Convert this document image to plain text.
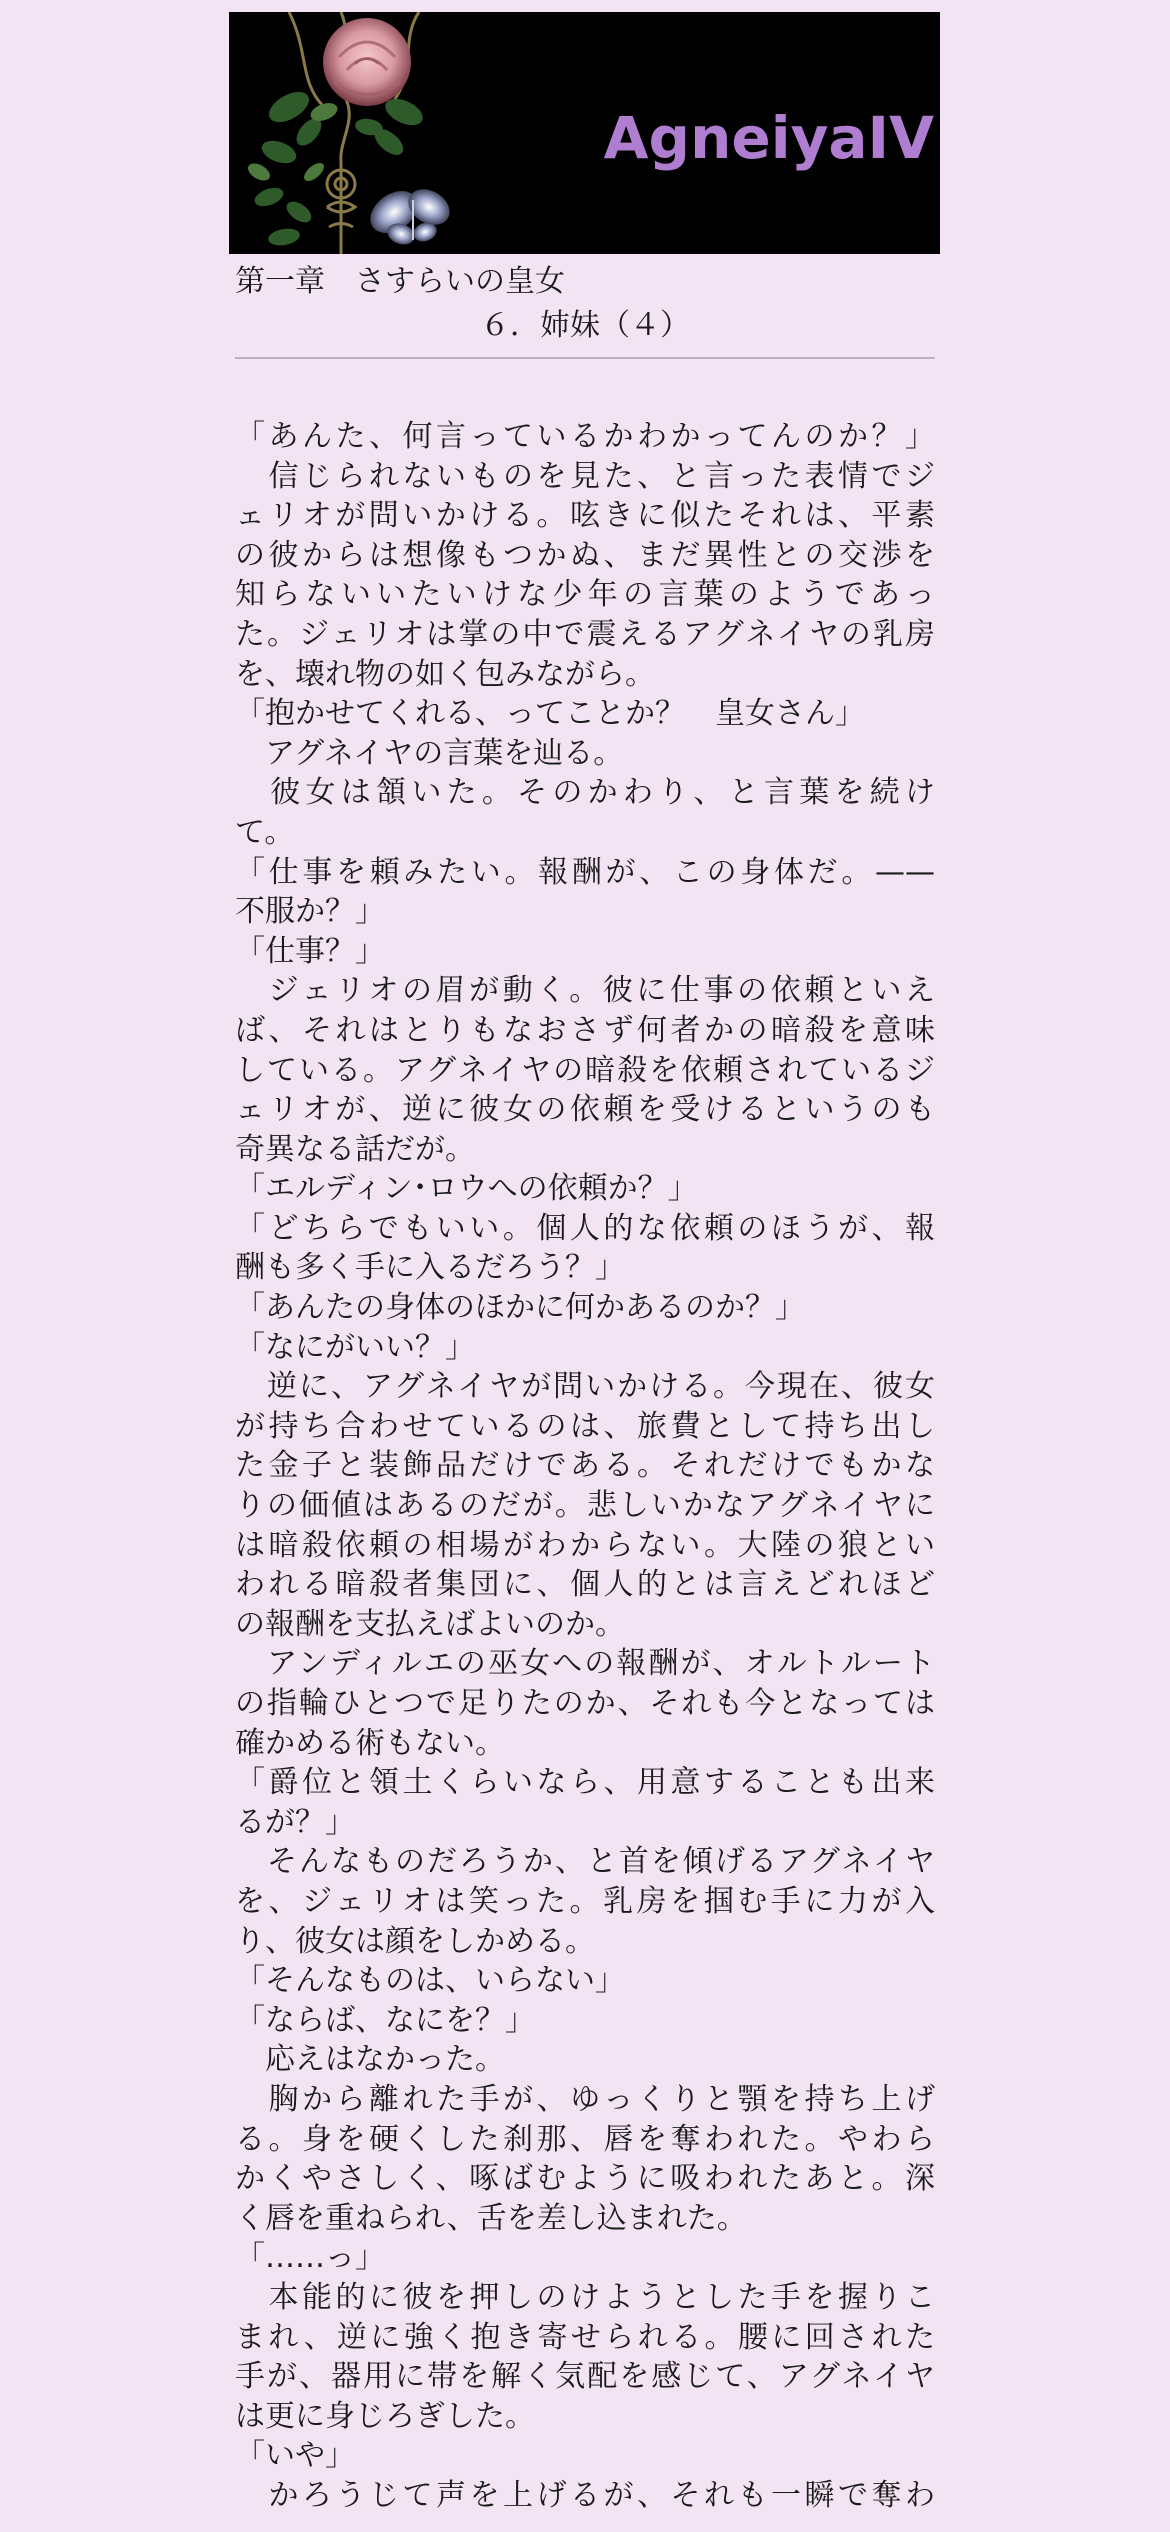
AgneiyaIV
第一章　さすらいの皇女
６．姉妹（４）
「あんた、何言っているかわかってんのか？」
　信じられないものを見た、と言った表情でジ
ェリオが問いかける。呟きに似たそれは、平素
の彼からは想像もつかぬ、まだ異性との交渉を
知らないいたいけな少年の言葉のようであっ
た。ジェリオは掌の中で震えるアグネイヤの乳房
を、壊れ物の如く包みながら。
「抱かせてくれる、ってことか？　皇女さん」
　アグネイヤの言葉を辿る。
　彼女は頷いた。そのかわり、と言葉を続け
て。
「仕事を頼みたい。報酬が、この身体だ。——
不服か？」
「仕事？」
　ジェリオの眉が動く。彼に仕事の依頼といえ
ば、それはとりもなおさず何者かの暗殺を意味
している。アグネイヤの暗殺を依頼されているジ
ェリオが、逆に彼女の依頼を受けるというのも
奇異なる話だが。
「エルディン･ロウへの依頼か？」
「どちらでもいい。個人的な依頼のほうが、報
酬も多く手に入るだろう？」
「あんたの身体のほかに何かあるのか？」
「なにがいい？」
　逆に、アグネイヤが問いかける。今現在、彼女
が持ち合わせているのは、旅費として持ち出し
た金子と装飾品だけである。それだけでもかな
りの価値はあるのだが。悲しいかなアグネイヤに
は暗殺依頼の相場がわからない。大陸の狼とい
われる暗殺者集団に、個人的とは言えどれほど
の報酬を支払えばよいのか。
　アンディルエの巫女への報酬が、オルトルート
の指輪ひとつで足りたのか、それも今となっては
確かめる術もない。
「爵位と領土くらいなら、用意することも出来
るが？」
　そんなものだろうか、と首を傾げるアグネイヤ
を、ジェリオは笑った。乳房を掴む手に力が入
り、彼女は顔をしかめる。
「そんなものは、いらない」
「ならば、なにを？」
　応えはなかった。
　胸から離れた手が、ゆっくりと顎を持ち上げ
る。身を硬くした刹那、唇を奪われた。やわら
かくやさしく、啄ばむように吸われたあと。深
く唇を重ねられ、舌を差し込まれた。
「……っ」
　本能的に彼を押しのけようとした手を握りこ
まれ、逆に強く抱き寄せられる。腰に回された
手が、器用に帯を解く気配を感じて、アグネイヤ
は更に身じろぎした。
「いや」
　かろうじて声を上げるが、それも一瞬で奪わ
